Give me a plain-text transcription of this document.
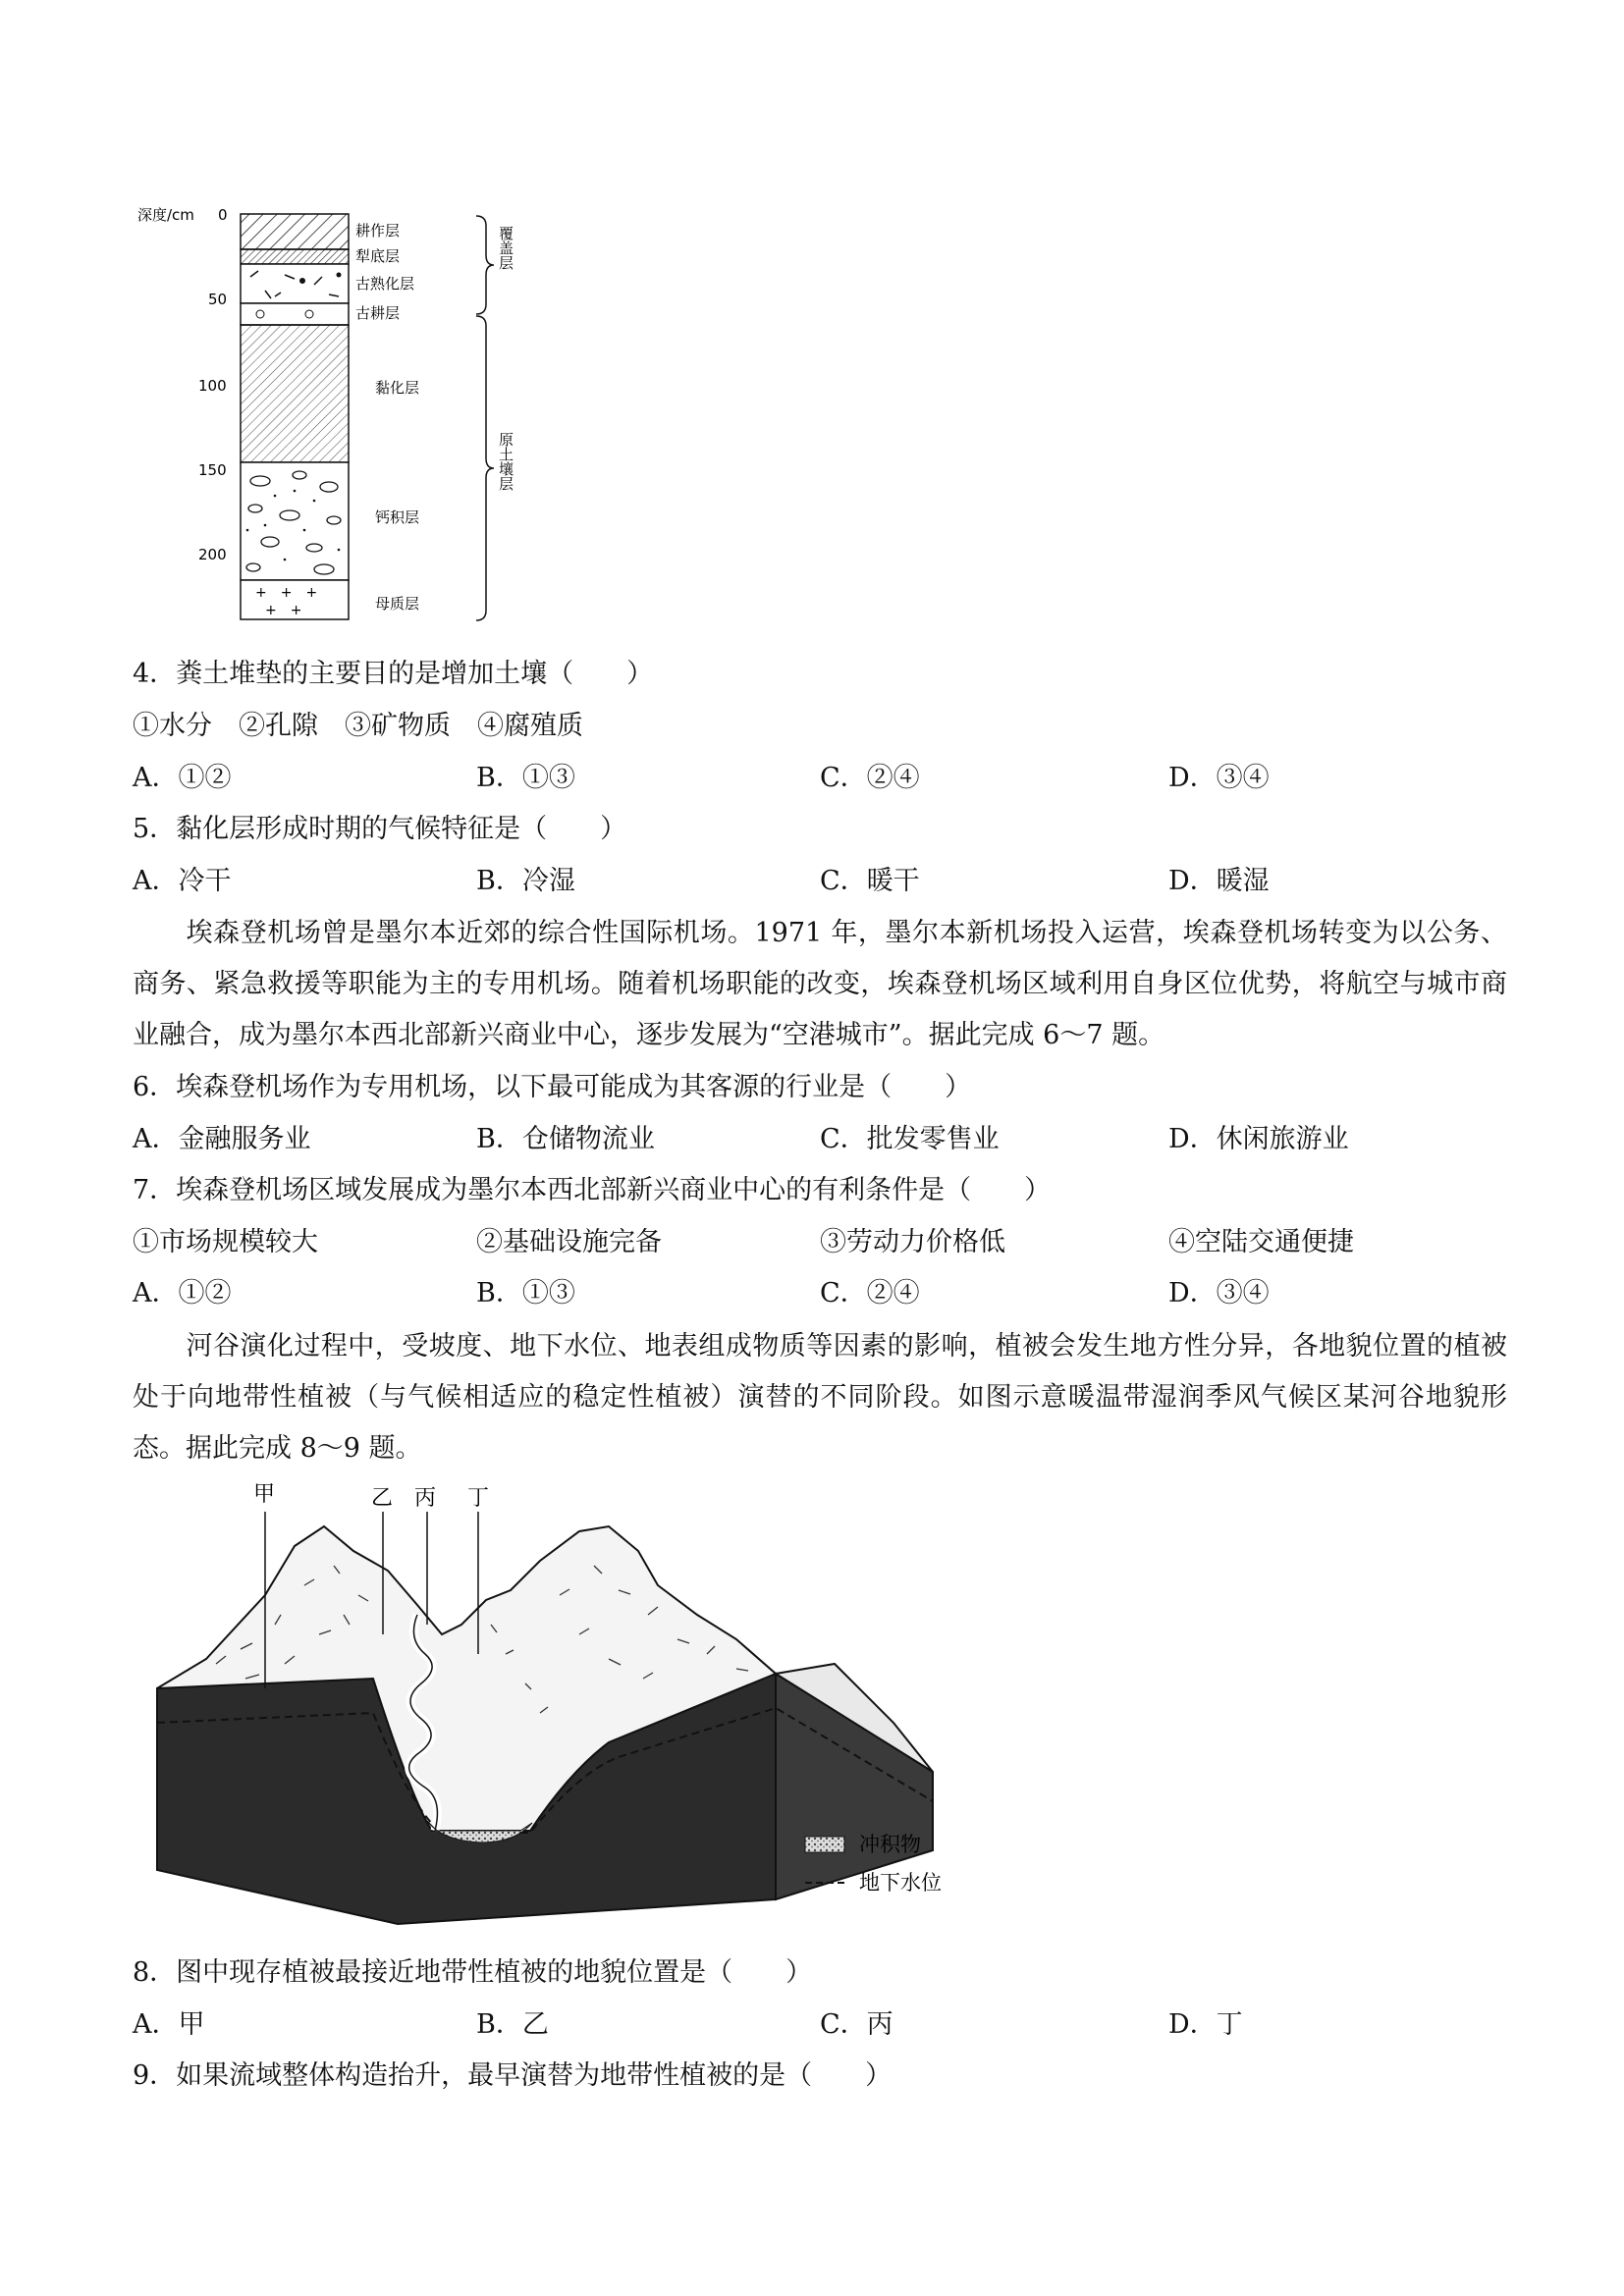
深度/cm 0
50
100
150
200
+　+　+
+　+
耕作层
犁底层
古熟化层
古耕层
黏化层
钙积层
母质层
覆盖层
原土壤层
4．粪土堆垫的主要目的是增加土壤（　　）
①水分　②孔隙　③矿物质　④腐殖质
A．①②	B．①③	C．②④	D．③④
5．黏化层形成时期的气候特征是（　　）
A．冷干	B．冷湿	C．暖干	D．暖湿
埃森登机场曾是墨尔本近郊的综合性国际机场。1971 年，墨尔本新机场投入运营，埃森登机场转变为以公务、商务、紧急救援等职能为主的专用机场。随着机场职能的改变，埃森登机场区域利用自身区位优势，将航空与城市商业融合，成为墨尔本西北部新兴商业中心，逐步发展为“空港城市”。据此完成 6～7 题。
6．埃森登机场作为专用机场，以下最可能成为其客源的行业是（　　）
A．金融服务业	B．仓储物流业	C．批发零售业	D．休闲旅游业
7．埃森登机场区域发展成为墨尔本西北部新兴商业中心的有利条件是（　　）
①市场规模较大	②基础设施完备	③劳动力价格低	④空陆交通便捷
A．①②	B．①③	C．②④	D．③④
河谷演化过程中，受坡度、地下水位、地表组成物质等因素的影响，植被会发生地方性分异，各地貌位置的植被处于向地带性植被（与气候相适应的稳定性植被）演替的不同阶段。如图示意暖温带湿润季风气候区某河谷地貌形态。据此完成 8～9 题。
甲	乙 丙 丁
冲积物
地下水位
8．图中现存植被最接近地带性植被的地貌位置是（　　）
A．甲	B．乙	C．丙	D．丁
9．如果流域整体构造抬升，最早演替为地带性植被的是（　　）
